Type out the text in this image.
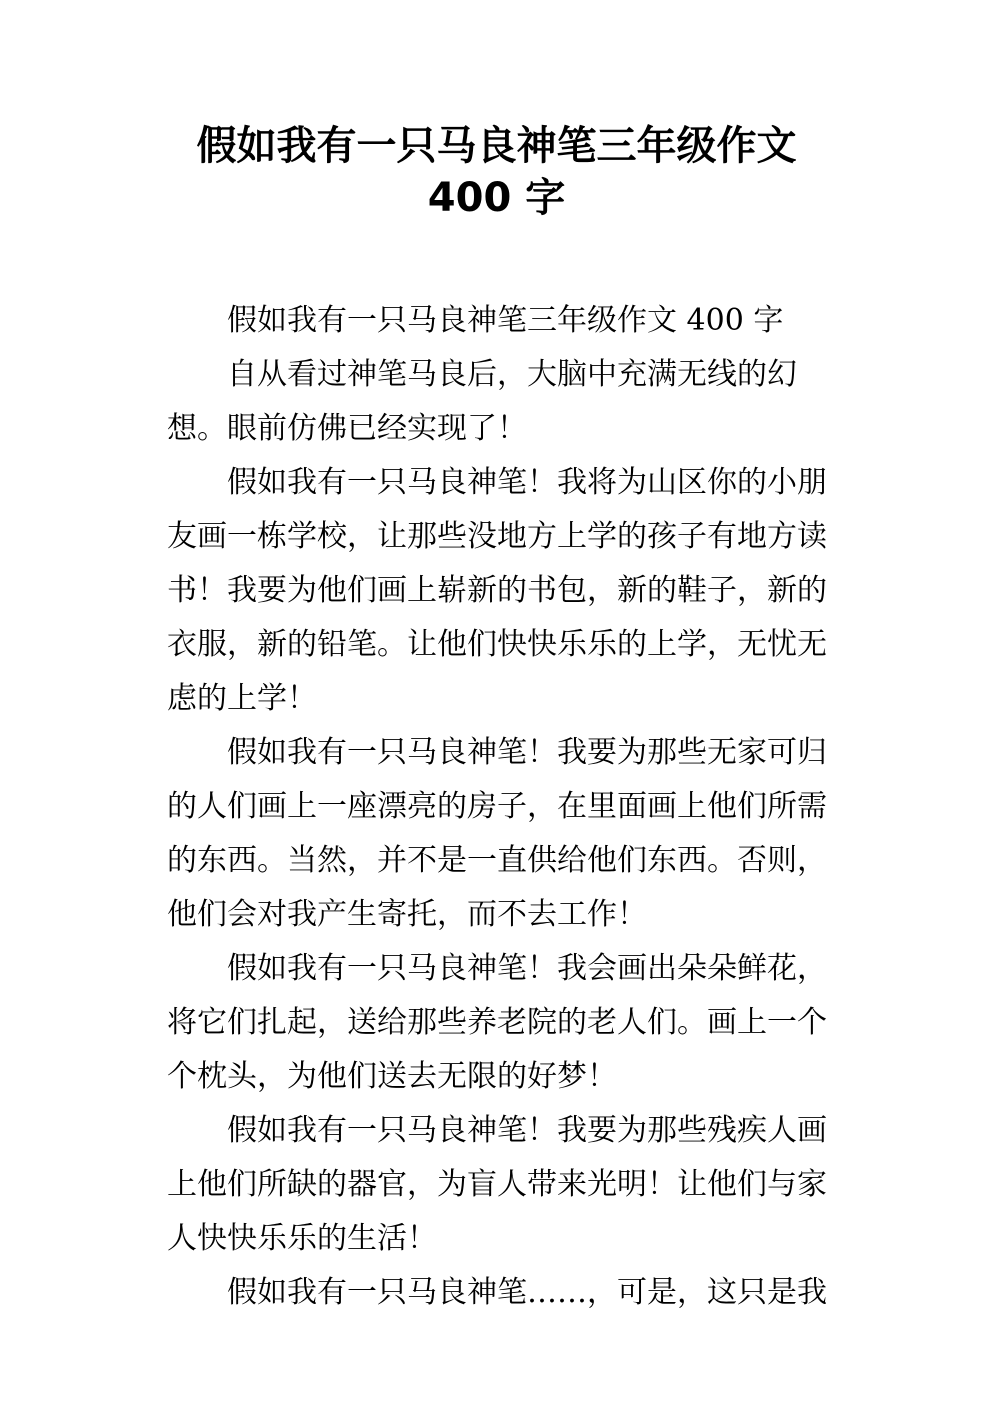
假如我有一只马良神笔三年级作文
400 字

假如我有一只马良神笔三年级作文 400 字

自从看过神笔马良后，大脑中充满无线的幻想。眼前仿佛已经实现了！

假如我有一只马良神笔！我将为山区你的小朋友画一栋学校，让那些没地方上学的孩子有地方读书！我要为他们画上崭新的书包，新的鞋子，新的衣服，新的铅笔。让他们快快乐乐的上学，无忧无虑的上学！

假如我有一只马良神笔！我要为那些无家可归的人们画上一座漂亮的房子，在里面画上他们所需的东西。当然，并不是一直供给他们东西。否则，他们会对我产生寄托，而不去工作！

假如我有一只马良神笔！我会画出朵朵鲜花，将它们扎起，送给那些养老院的老人们。画上一个个枕头，为他们送去无限的好梦！

假如我有一只马良神笔！我要为那些残疾人画上他们所缺的器官，为盲人带来光明！让他们与家人快快乐乐的生活！

假如我有一只马良神笔……，可是，这只是我
